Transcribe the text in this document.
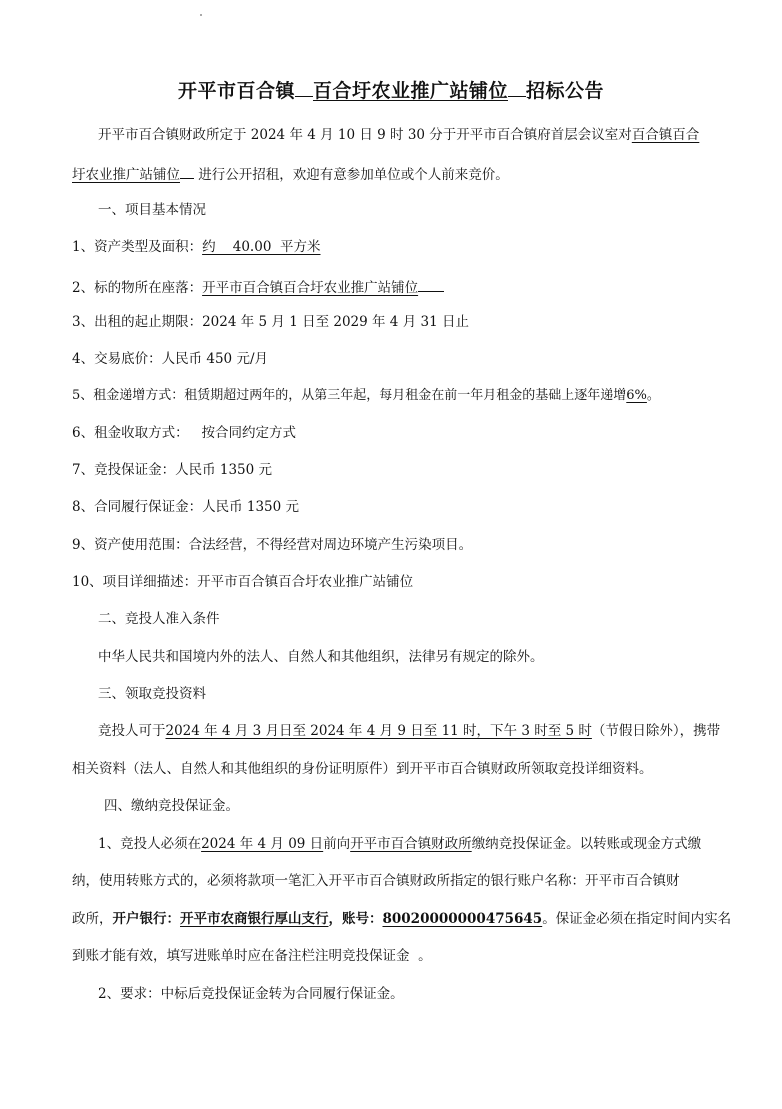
开平市百合镇 百合圩农业推广站铺位 招标公告
开平市百合镇财政所定于 2024 年 4 月 10 日 9 时 30 分于开平市百合镇府首层会议室对百合镇百合
圩农业推广站铺位 进行公开招租，欢迎有意参加单位或个人前来竞价。
一、项目基本情况
1、资产类型及面积：约    40.00  平方米
2、标的物所在座落：开平市百合镇百合圩农业推广站铺位
3、出租的起止期限：2024 年 5 月 1 日至 2029 年 4 月 31 日止
4、交易底价：人民币 450 元/月
5、租金递增方式：租赁期超过两年的，从第三年起，每月租金在前一年月租金的基础上逐年递增6%。
6、租金收取方式：   按合同约定方式
7、竞投保证金：人民币 1350 元
8、合同履行保证金：人民币 1350 元
9、资产使用范围：合法经营，不得经营对周边环境产生污染项目。
10、项目详细描述：开平市百合镇百合圩农业推广站铺位
二、竞投人准入条件
中华人民共和国境内外的法人、自然人和其他组织，法律另有规定的除外。
三、领取竞投资料
竞投人可于2024 年 4 月 3 月日至 2024 年 4 月 9 日至 11 时，下午 3 时至 5 时（节假日除外），携带
相关资料（法人、自然人和其他组织的身份证明原件）到开平市百合镇财政所领取竞投详细资料。
四、缴纳竞投保证金。
1、竞投人必须在2024 年 4 月 09 日前向开平市百合镇财政所缴纳竞投保证金。以转账或现金方式缴
纳，使用转账方式的，必须将款项一笔汇入开平市百合镇财政所指定的银行账户名称：开平市百合镇财
政所，开户银行：开平市农商银行厚山支行，账号：80020000000475645。保证金必须在指定时间内实名
到账才能有效，填写进账单时应在备注栏注明竞投保证金  。
2、要求：中标后竞投保证金转为合同履行保证金。
